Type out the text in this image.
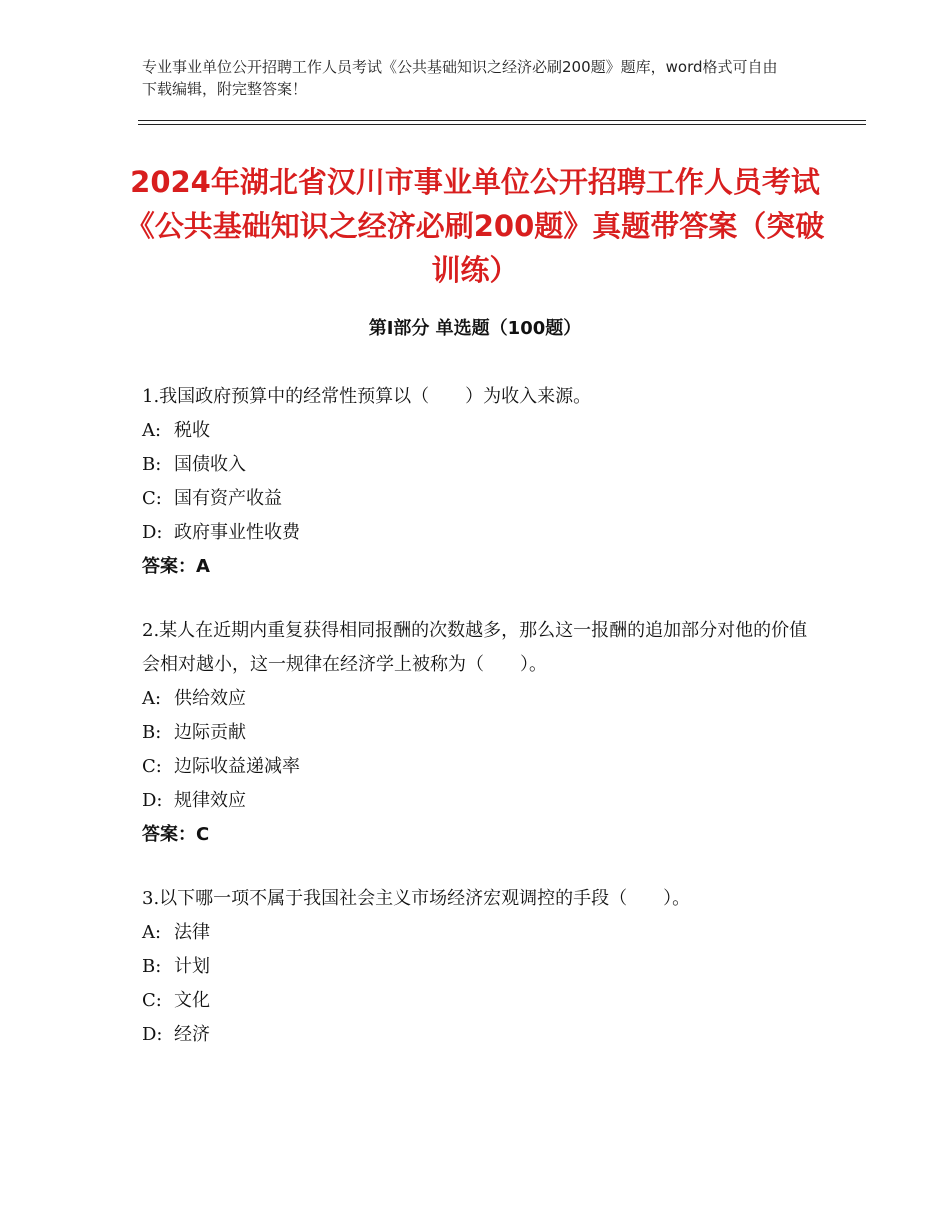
专业事业单位公开招聘工作人员考试《公共基础知识之经济必刷200题》题库，word格式可自由下载编辑，附完整答案！
2024年湖北省汉川市事业单位公开招聘工作人员考试《公共基础知识之经济必刷200题》真题带答案（突破训练）
第Ⅰ部分 单选题（100题）
1.我国政府预算中的经常性预算以（　　）为收入来源。
A: 税收
B: 国债收入
C: 国有资产收益
D: 政府事业性收费
答案：A
2.某人在近期内重复获得相同报酬的次数越多，那么这一报酬的追加部分对他的价值会相对越小，这一规律在经济学上被称为（　　）。
A: 供给效应
B: 边际贡献
C: 边际收益递减率
D: 规律效应
答案：C
3.以下哪一项不属于我国社会主义市场经济宏观调控的手段（　　）。
A: 法律
B: 计划
C: 文化
D: 经济
